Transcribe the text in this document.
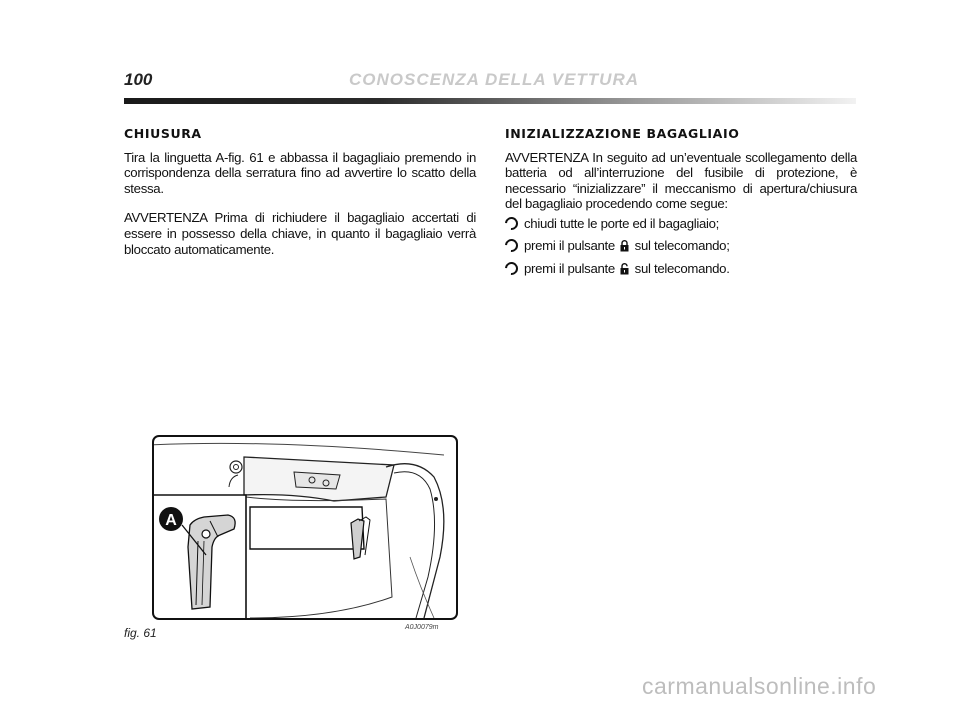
100	CONOSCENZA DELLA VETTURA
CHIUSURA

Tira la linguetta A-fig. 61 e abbassa il bagagliaio premendo in corrispondenza della serratura fino ad avvertire lo scatto della stessa.

AVVERTENZA Prima di richiudere il bagagliaio accertati di essere in possesso della chiave, in quanto il bagagliaio verrà bloccato automaticamente.

INIZIALIZZAZIONE BAGAGLIAIO

AVVERTENZA In seguito ad un’eventuale scollegamento della batteria od all’interruzione del fusibile di protezione, è necessario “inizializzare” il meccanismo di apertura/chiusura del bagagliaio procedendo come segue:

chiudi tutte le porte ed il bagagliaio;
premi il pulsante sul telecomando;
premi il pulsante sul telecomando.
A
fig. 61	A0J0079m
carmanualsonline.info
